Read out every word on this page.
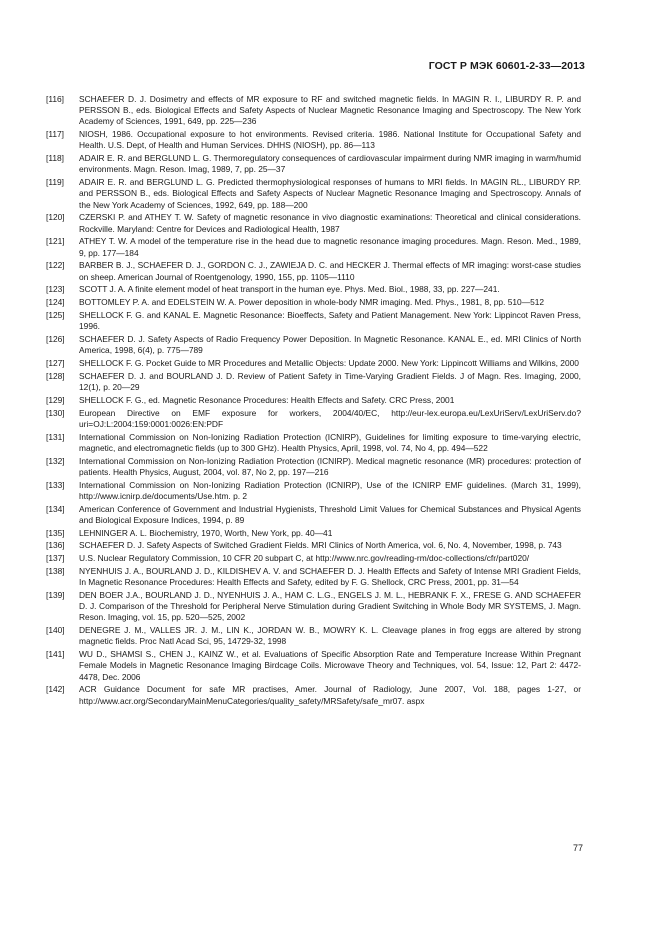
ГОСТ Р МЭК 60601-2-33—2013
[116]	SCHAEFER D. J. Dosimetry and effects of MR exposure to RF and switched magnetic fields. In MAGIN R. I., LIBURDY R. P. and PERSSON B., eds. Biological Effects and Safety Aspects of Nuclear Magnetic Resonance Imaging and Spectroscopy. The New York Academy of Sciences, 1991, 649, pp. 225—236
[117]	NIOSH, 1986. Occupational exposure to hot environments. Revised criteria. 1986. National Institute for Occupational Safety and Health. U.S. Dept, of Health and Human Services. DHHS (NIOSH), pp. 86—113
[118]	ADAIR E. R. and BERGLUND L. G. Thermoregulatory consequences of cardiovascular impairment during NMR imaging in warm/humid environments. Magn. Reson. Imag, 1989, 7, pp. 25—37
[119]	ADAIR E. R. and BERGLUND L. G. Predicted thermophysiological responses of humans to MRI fields. In MAGIN RL., LIBURDY RP. and PERSSON B., eds. Biological Effects and Safety Aspects of Nuclear Magnetic Resonance Imaging and Spectroscopy. Annals of the New York Academy of Sciences, 1992, 649, pp. 188—200
[120]	CZERSKI P. and ATHEY T. W. Safety of magnetic resonance in vivo diagnostic examinations: Theoretical and clinical considerations. Rockville. Maryland: Centre for Devices and Radiological Health, 1987
[121]	ATHEY T. W. A model of the temperature rise in the head due to magnetic resonance imaging procedures. Magn. Reson. Med., 1989, 9, pp. 177—184
[122]	BARBER B. J., SCHAEFER D. J., GORDON C. J., ZAWIEJA D. C. and HECKER J. Thermal effects of MR imaging: worst-case studies on sheep. American Journal of Roentgenology, 1990, 155, pp. 1105—1110
[123]	SCOTT J. A. A finite element model of heat transport in the human eye. Phys. Med. Biol., 1988, 33, pp. 227—241.
[124]	BOTTOMLEY P. A. and EDELSTEIN W. A. Power deposition in whole-body NMR imaging. Med. Phys., 1981, 8, pp. 510—512
[125]	SHELLOCK F. G. and KANAL E. Magnetic Resonance: Bioeffects, Safety and Patient Management. New York: Lippincot Raven Press, 1996.
[126]	SCHAEFER D. J. Safety Aspects of Radio Frequency Power Deposition. In Magnetic Resonance. KANAL E., ed. MRI Clinics of North America, 1998, 6(4), p. 775—789
[127]	SHELLOCK F. G. Pocket Guide to MR Procedures and Metallic Objects: Update 2000. New York: Lippincott Williams and Wilkins, 2000
[128]	SCHAEFER D. J. and BOURLAND J. D. Review of Patient Safety in Time-Varying Gradient Fields. J of Magn. Res. Imaging, 2000, 12(1), p. 20—29
[129]	SHELLOCK F. G., ed. Magnetic Resonance Procedures: Health Effects and Safety. CRC Press, 2001
[130]	European Directive on EMF exposure for workers, 2004/40/EC, http://eur-lex.europa.eu/LexUriServ/LexUriServ.do?uri=OJ:L:2004:159:0001:0026:EN:PDF
[131]	International Commission on Non-Ionizing Radiation Protection (ICNIRP), Guidelines for limiting exposure to time-varying electric, magnetic, and electromagnetic fields (up to 300 GHz). Health Physics, April, 1998, vol. 74, No 4, pp. 494—522
[132]	International Commission on Non-Ionizing Radiation Protection (ICNIRP). Medical magnetic resonance (MR) procedures: protection of patients. Health Physics, August, 2004, vol. 87, No 2, pp. 197—216
[133]	International Commission on Non-Ionizing Radiation Protection (ICNIRP), Use of the ICNIRP EMF guidelines. (March 31, 1999), http://www.icnirp.de/documents/Use.htm. p. 2
[134]	American Conference of Government and Industrial Hygienists, Threshold Limit Values for Chemical Substances and Physical Agents and Biological Exposure Indices, 1994, p. 89
[135]	LEHNINGER A. L. Biochemistry, 1970, Worth, New York, pp. 40—41
[136]	SCHAEFER D. J. Safety Aspects of Switched Gradient Fields. MRI Clinics of North America, vol. 6, No. 4, November, 1998, p. 743
[137]	U.S. Nuclear Regulatory Commission, 10 CFR 20 subpart C, at http://www.nrc.gov/reading-rm/doc-collections/cfr/part020/
[138]	NYENHUIS J. A., BOURLAND J. D., KILDISHEV A. V. and SCHAEFER D. J. Health Effects and Safety of Intense MRI Gradient Fields, In Magnetic Resonance Procedures: Health Effects and Safety, edited by F. G. Shellock, CRC Press, 2001, pp. 31—54
[139]	DEN BOER J.A., BOURLAND J. D., NYENHUIS J. A., HAM C. L.G., ENGELS J. M. L., HEBRANK F. X., FRESE G. AND SCHAEFER D. J. Comparison of the Threshold for Peripheral Nerve Stimulation during Gradient Switching in Whole Body MR SYSTEMS, J. Magn. Reson. Imaging, vol. 15, pp. 520—525, 2002
[140]	DENEGRE J. M., VALLES JR. J. M., LIN K., JORDAN W. B., MOWRY K. L. Cleavage planes in frog eggs are altered by strong magnetic fields. Proc Natl Acad Sci, 95, 14729-32, 1998
[141]	WU D., SHAMSI S., CHEN J., KAINZ W., et al. Evaluations of Specific Absorption Rate and Temperature Increase Within Pregnant Female Models in Magnetic Resonance Imaging Birdcage Coils. Microwave Theory and Techniques, vol. 54, Issue: 12, Part 2: 4472-4478, Dec. 2006
[142]	ACR Guidance Document for safe MR practises, Amer. Journal of Radiology, June 2007, Vol. 188, pages 1-27, or http://www.acr.org/SecondaryMainMenuCategories/quality_safety/MRSafety/safe_mr07. aspx
77
